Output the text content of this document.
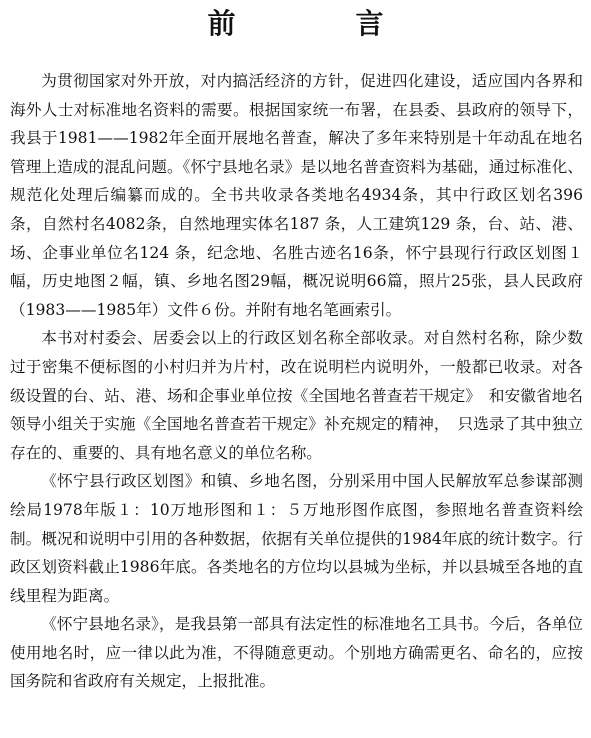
前　言

为贯彻国家对外开放，对内搞活经济的方针，促进四化建设，适应国内各界和海外人士对标准地名资料的需要。根据国家统一布署，在县委、县政府的领导下，我县于1981——1982年全面开展地名普查，解决了多年来特别是十年动乱在地名管理上造成的混乱问题。《怀宁县地名录》是以地名普查资料为基础，通过标准化、规范化处理后编纂而成的。全书共收录各类地名4934条，其中行政区划名396 条，自然村名4082条，自然地理实体名187 条，人工建筑129 条，台、站、港、场、企事业单位名124 条，纪念地、名胜古迹名16条，怀宁县现行行政区划图１幅，历史地图２幅，镇、乡地名图29幅，概况说明66篇，照片25张，县人民政府（1983——1985年）文件６份。并附有地名笔画索引。

本书对村委会、居委会以上的行政区划名称全部收录。对自然村名称，除少数过于密集不便标图的小村归并为片村，改在说明栏内说明外，一般都已收录。对各级设置的台、站、港、场和企事业单位按《全国地名普查若干规定》　和安徽省地名领导小组关于实施《全国地名普查若干规定》补充规定的精神，　只选录了其中独立存在的、重要的、具有地名意义的单位名称。

《怀宁县行政区划图》和镇、乡地名图，分别采用中国人民解放军总参谋部测绘局1978年版１：10万地形图和１：５万地形图作底图，参照地名普查资料绘制。概况和说明中引用的各种数据，依据有关单位提供的1984年底的统计数字。行政区划资料截止1986年底。各类地名的方位均以县城为坐标，并以县城至各地的直线里程为距离。

《怀宁县地名录》，是我县第一部具有法定性的标准地名工具书。今后，各单位使用地名时，应一律以此为准，不得随意更动。个别地方确需更名、命名的，应按国务院和省政府有关规定，上报批准。
